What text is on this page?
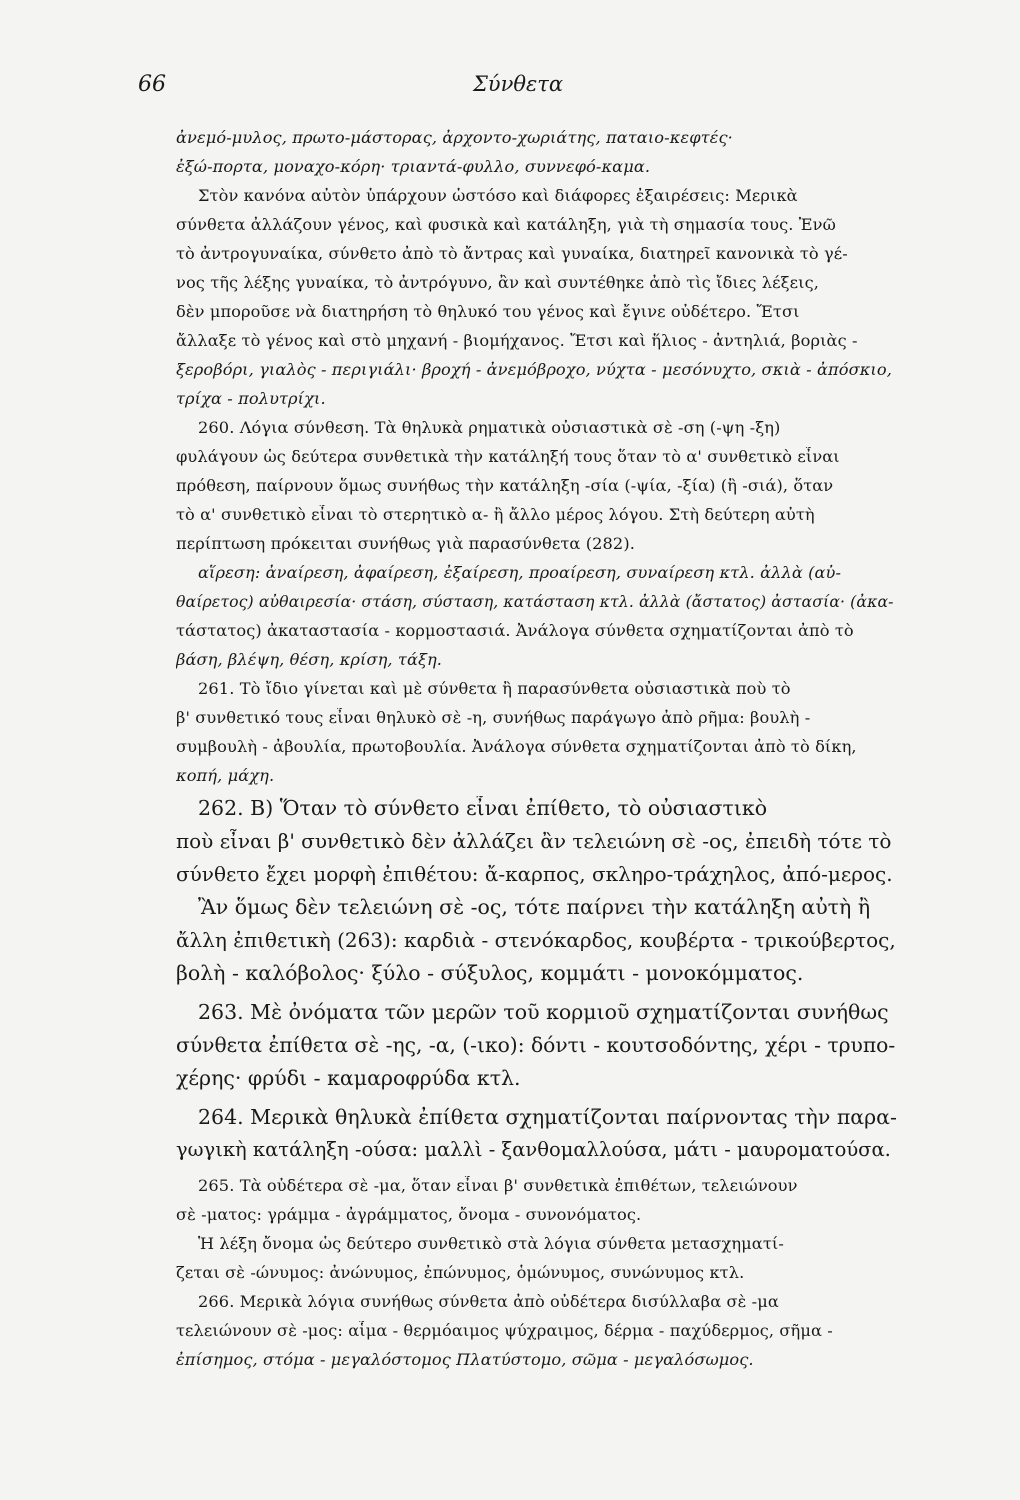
66	Σύνθετα
ἀνεμό-μυλος, πρωτο-μάστορας, ἀρχοντο-χωριάτης, παταιο-κεφτές·
ἐξώ-πορτα, μοναχο-κόρη· τριαντά-φυλλο, συννεφό-καμα.
Στὸν κανόνα αὐτὸν ὑπάρχουν ὡστόσο καὶ διάφορες ἐξαιρέσεις: Μερικὰ
σύνθετα ἀλλάζουν γένος, καὶ φυσικὰ καὶ κατάληξη, γιὰ τὴ σημασία τους. Ἐνῶ
τὸ ἀντρογυναίκα, σύνθετο ἀπὸ τὸ ἄντρας καὶ γυναίκα, διατηρεῖ κανονικὰ τὸ γέ-
νος τῆς λέξης γυναίκα, τὸ ἀντρόγυνο, ἂν καὶ συντέθηκε ἀπὸ τὶς ἴδιες λέξεις,
δὲν μποροῦσε νὰ διατηρήση τὸ θηλυκό του γένος καὶ ἔγινε οὐδέτερο. Ἔτσι
ἄλλαξε τὸ γένος καὶ στὸ μηχανή - βιομήχανος. Ἔτσι καὶ ἥλιος - ἀντηλιά, βοριὰς -
ξεροβόρι, γιαλὸς - περιγιάλι· βροχή - ἀνεμόβροχο, νύχτα - μεσόνυχτο, σκιὰ - ἀπόσκιο,
τρίχα - πολυτρίχι.
260. Λόγια σύνθεση. Τὰ θηλυκὰ ρηματικὰ οὐσιαστικὰ σὲ -ση (-ψη -ξη)
φυλάγουν ὡς δεύτερα συνθετικὰ τὴν κατάληξή τους ὅταν τὸ α' συνθετικὸ εἶναι
πρόθεση, παίρνουν ὅμως συνήθως τὴν κατάληξη -σία (-ψία, -ξία) (ἢ -σιά), ὅταν
τὸ α' συνθετικὸ εἶναι τὸ στερητικὸ α- ἢ ἄλλο μέρος λόγου. Στὴ δεύτερη αὐτὴ
περίπτωση πρόκειται συνήθως γιὰ παρασύνθετα (282).
αἵρεση: ἀναίρεση, ἀφαίρεση, ἐξαίρεση, προαίρεση, συναίρεση κτλ. ἀλλὰ (αὐ-
θαίρετος) αὐθαιρεσία· στάση, σύσταση, κατάσταση κτλ. ἀλλὰ (ἄστατος) ἀστασία· (ἀκα-
τάστατος) ἀκαταστασία - κορμοστασιά. Ἀνάλογα σύνθετα σχηματίζονται ἀπὸ τὸ
βάση, βλέψη, θέση, κρίση, τάξη.
261. Τὸ ἴδιο γίνεται καὶ μὲ σύνθετα ἢ παρασύνθετα οὐσιαστικὰ ποὺ τὸ
β' συνθετικό τους εἶναι θηλυκὸ σὲ -η, συνήθως παράγωγο ἀπὸ ρῆμα: βουλὴ -
συμβουλὴ - ἀβουλία, πρωτοβουλία. Ἀνάλογα σύνθετα σχηματίζονται ἀπὸ τὸ δίκη,
κοπή, μάχη.
262. Β) Ὅταν τὸ σύνθετο εἶναι ἐπίθετο, τὸ οὐσιαστικὸ
ποὺ εἶναι β' συνθετικὸ δὲν ἀλλάζει ἂν τελειώνη σὲ -ος, ἐπειδὴ τότε τὸ
σύνθετο ἔχει μορφὴ ἐπιθέτου: ἄ-καρπος, σκληρο-τράχηλος, ἀπό-μερος.
Ἂν ὅμως δὲν τελειώνη σὲ -ος, τότε παίρνει τὴν κατάληξη αὐτὴ ἢ
ἄλλη ἐπιθετικὴ (263): καρδιὰ - στενόκαρδος, κουβέρτα - τρικούβερτος,
βολὴ - καλόβολος· ξύλο - σύξυλος, κομμάτι - μονοκόμματος.
263. Μὲ ὀνόματα τῶν μερῶν τοῦ κορμιοῦ σχηματίζονται συνήθως
σύνθετα ἐπίθετα σὲ -ης, -α, (-ικο): δόντι - κουτσοδόντης, χέρι - τρυπο-
χέρης· φρύδι - καμαροφρύδα κτλ.
264. Μερικὰ θηλυκὰ ἐπίθετα σχηματίζονται παίρνοντας τὴν παρα-
γωγικὴ κατάληξη -ούσα: μαλλὶ - ξανθομαλλούσα, μάτι - μαυροματούσα.
265. Τὰ οὐδέτερα σὲ -μα, ὅταν εἶναι β' συνθετικὰ ἐπιθέτων, τελειώνουν
σὲ -ματος: γράμμα - ἀγράμματος, ὄνομα - συνονόματος.
Ἡ λέξη ὄνομα ὡς δεύτερο συνθετικὸ στὰ λόγια σύνθετα μετασχηματί-
ζεται σὲ -ώνυμος: ἀνώνυμος, ἐπώνυμος, ὁμώνυμος, συνώνυμος κτλ.
266. Μερικὰ λόγια συνήθως σύνθετα ἀπὸ οὐδέτερα δισύλλαβα σὲ -μα
τελειώνουν σὲ -μος: αἷμα - θερμόαιμος ψύχραιμος, δέρμα - παχύδερμος, σῆμα -
ἐπίσημος, στόμα - μεγαλόστομος Πλατύστομο, σῶμα - μεγαλόσωμος.
